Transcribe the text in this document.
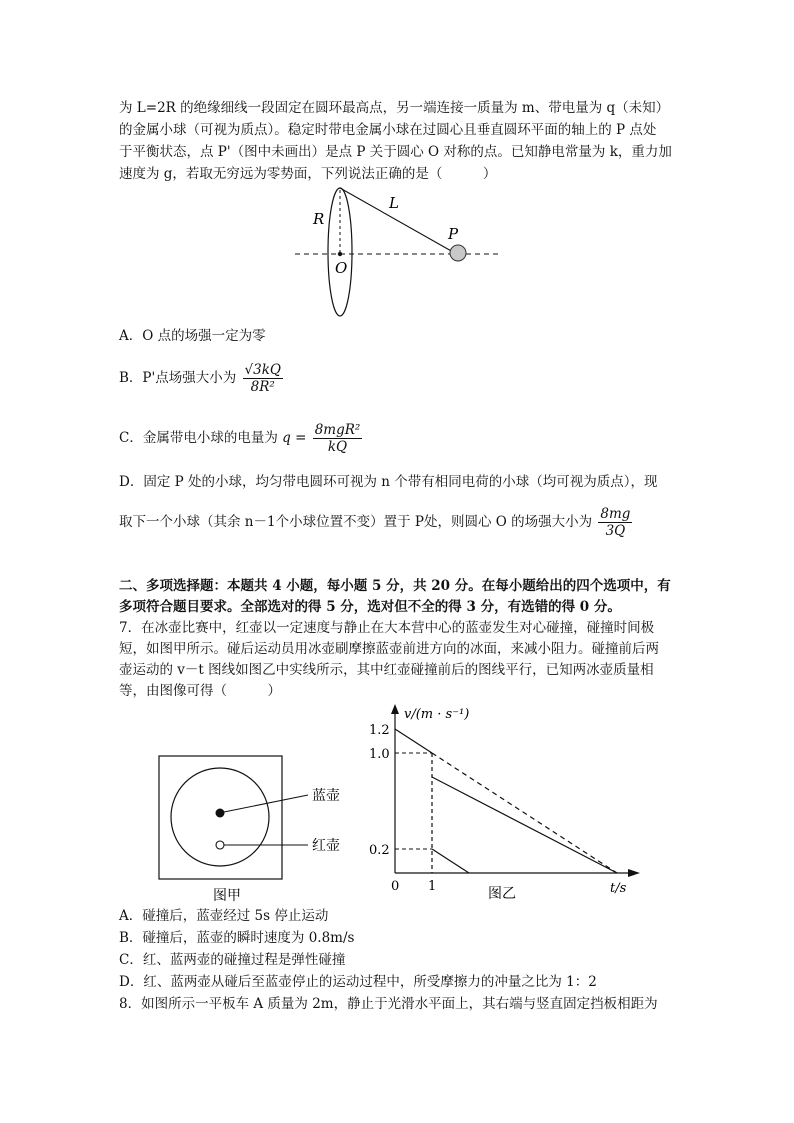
为 L=2R 的绝缘细线一段固定在圆环最高点，另一端连接一质量为 m、带电量为 q（未知）
的金属小球（可视为质点）。稳定时带电金属小球在过圆心且垂直圆环平面的轴上的 P 点处
于平衡状态，点 P'（图中未画出）是点 P 关于圆心 O 对称的点。已知静电常量为 k，重力加
速度为 g，若取无穷远为零势面，下列说法正确的是（　　　）
R
L
P
O
A．O 点的场强一定为零
B．P'点场强大小为 $\frac{√3kQ}{\text{8R²}}$
C．金属带电小球的电量为 $q = \frac{\text{8mgR²}}{kQ}$
D．固定 P 处的小球，均匀带电圆环可视为 n 个带有相同电荷的小球（均可视为质点），现
取下一个小球（其余 n－1个小球位置不变）置于 P处，则圆心 O 的场强大小为 $\frac{8mg}{3Q}$
二、多项选择题：本题共 4 小题，每小题 5 分，共 20 分。在每小题给出的四个选项中，有
多项符合题目要求。全部选对的得 5 分，选对但不全的得 3 分，有选错的得 0 分。
7．在冰壶比赛中，红壶以一定速度与静止在大本营中心的蓝壶发生对心碰撞，碰撞时间极
短，如图甲所示。碰后运动员用冰壶刷摩擦蓝壶前进方向的冰面，来减小阻力。碰撞前后两
壶运动的 v－t 图线如图乙中实线所示，其中红壶碰撞前后的图线平行，已知两冰壶质量相
等，由图像可得（　　　）
蓝壶
红壶
图甲
v/(m · s⁻¹)
t/s
图乙
1.2
1.0
0.2
0 1
A．碰撞后，蓝壶经过 5s 停止运动
B．碰撞后，蓝壶的瞬时速度为 0.8m/s
C．红、蓝两壶的碰撞过程是弹性碰撞
D．红、蓝两壶从碰后至蓝壶停止的运动过程中，所受摩擦力的冲量之比为 1：2
8．如图所示一平板车 A 质量为 2m，静止于光滑水平面上，其右端与竖直固定挡板相距为
